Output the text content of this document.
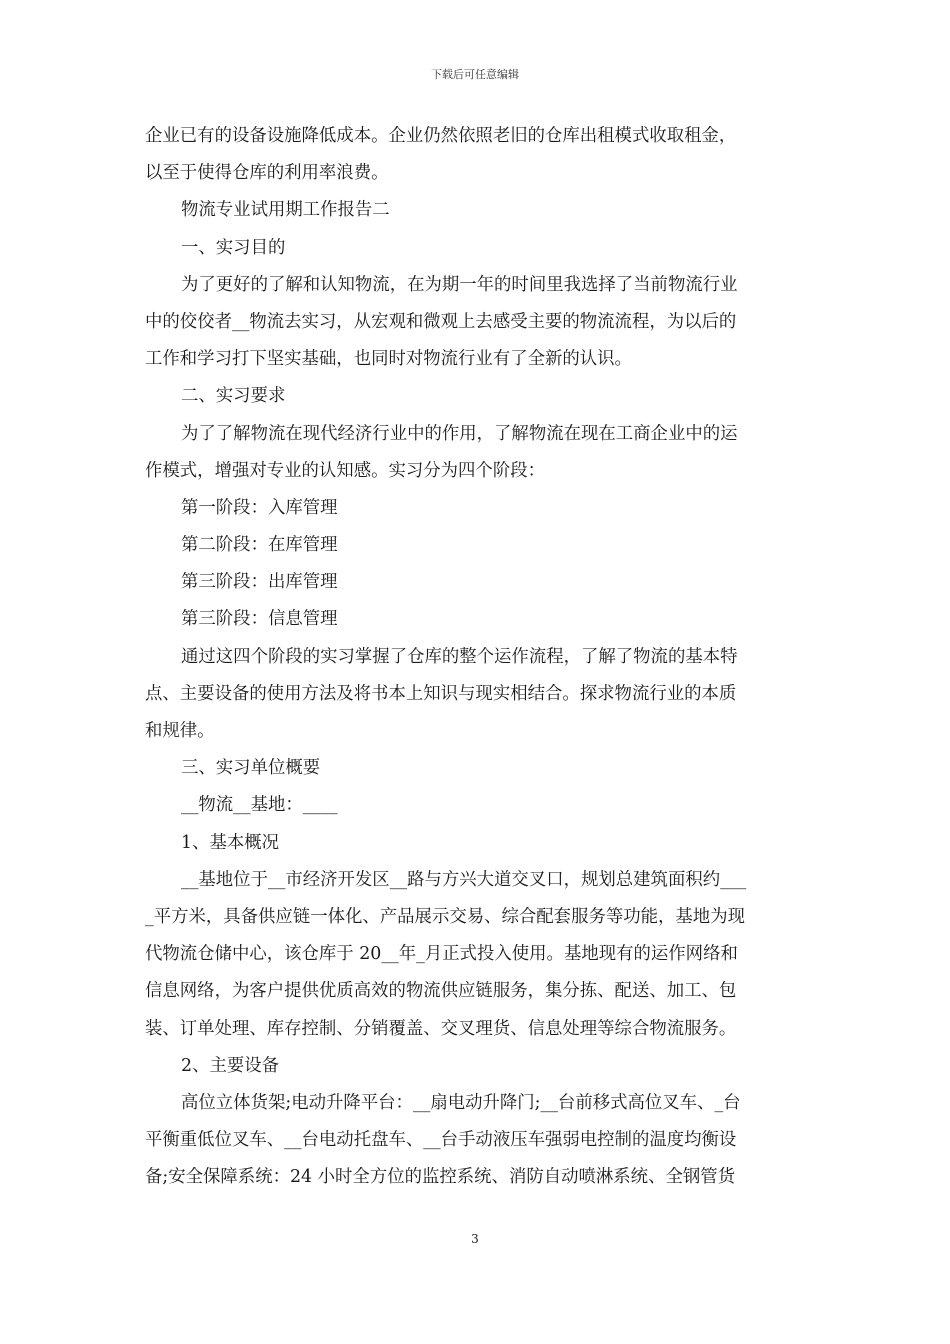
下载后可任意编辑
企业已有的设备设施降低成本。企业仍然依照老旧的仓库出租模式收取租金，
以至于使得仓库的利用率浪费。
物流专业试用期工作报告二
一、实习目的
为了更好的了解和认知物流，在为期一年的时间里我选择了当前物流行业
中的佼佼者__物流去实习，从宏观和微观上去感受主要的物流流程，为以后的
工作和学习打下坚实基础，也同时对物流行业有了全新的认识。
二、实习要求
为了了解物流在现代经济行业中的作用，了解物流在现在工商企业中的运
作模式，增强对专业的认知感。实习分为四个阶段：
第一阶段：入库管理
第二阶段：在库管理
第三阶段：出库管理
第三阶段：信息管理
通过这四个阶段的实习掌握了仓库的整个运作流程，了解了物流的基本特
点、主要设备的使用方法及将书本上知识与现实相结合。探求物流行业的本质
和规律。
三、实习单位概要
__物流__基地：____
1、基本概况
__基地位于__市经济开发区__路与方兴大道交叉口，规划总建筑面积约___
_平方米，具备供应链一体化、产品展示交易、综合配套服务等功能，基地为现
代物流仓储中心，该仓库于 20__年_月正式投入使用。基地现有的运作网络和
信息网络，为客户提供优质高效的物流供应链服务，集分拣、配送、加工、包
装、订单处理、库存控制、分销覆盖、交叉理货、信息处理等综合物流服务。
2、主要设备
高位立体货架;电动升降平台：__扇电动升降门;__台前移式高位叉车、_台
平衡重低位叉车、__台电动托盘车、__台手动液压车强弱电控制的温度均衡设
备;安全保障系统：24 小时全方位的监控系统、消防自动喷淋系统、全钢管货
3
